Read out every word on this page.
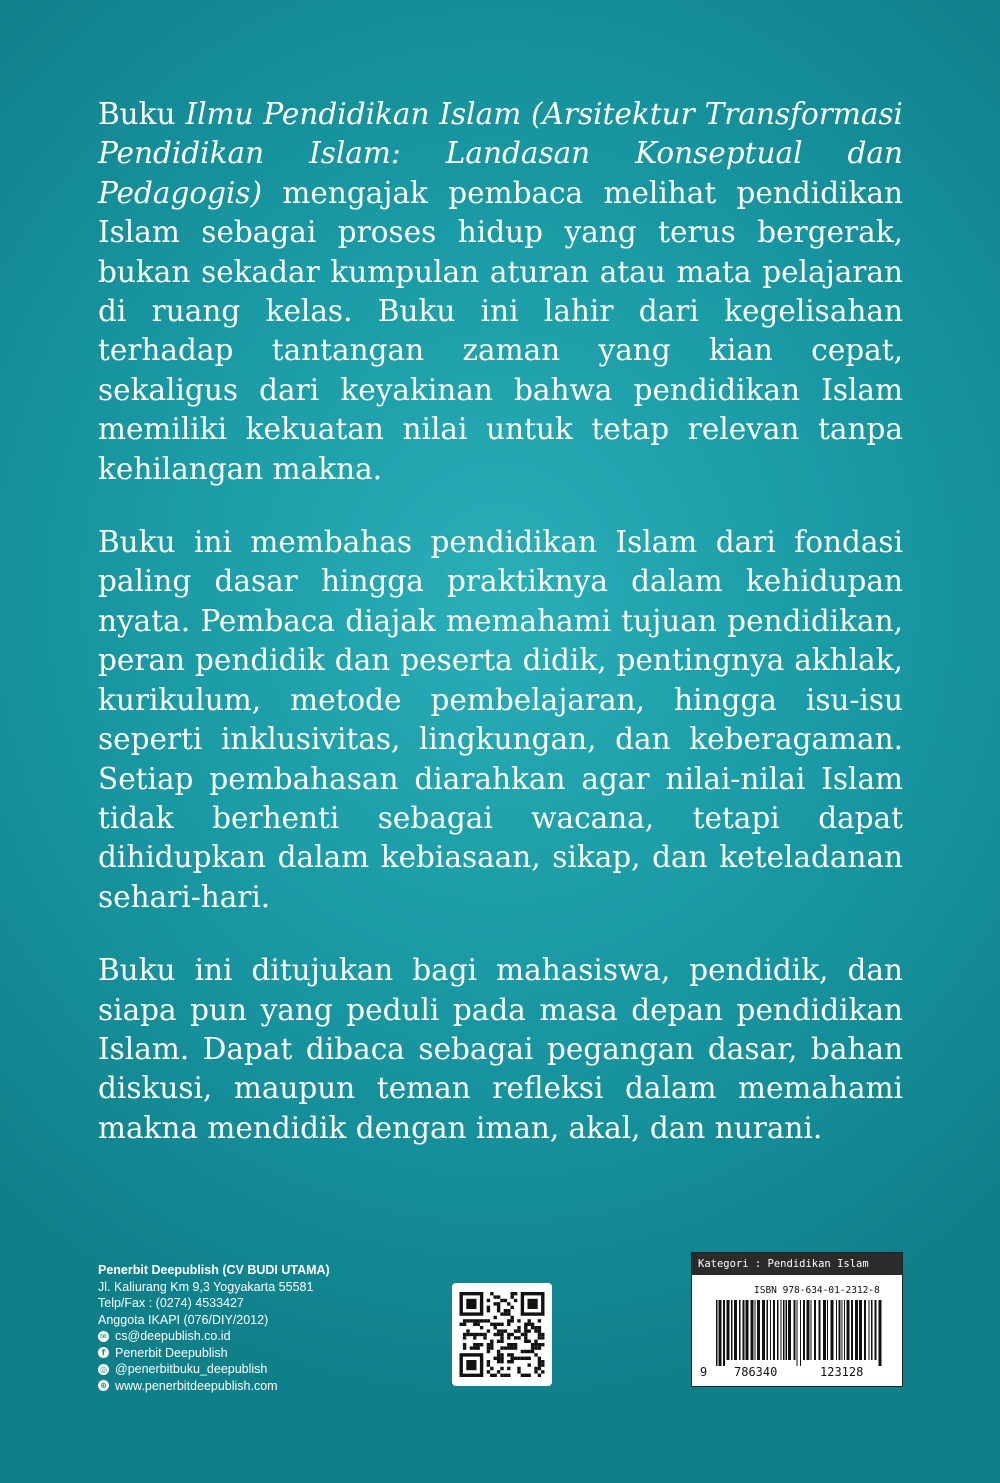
Buku Ilmu Pendidikan Islam (Arsitektur Transformasi Pendidikan Islam: Landasan Konseptual dan Pedagogis) mengajak pembaca melihat pendidikan Islam sebagai proses hidup yang terus bergerak, bukan sekadar kumpulan aturan atau mata pelajaran di ruang kelas. Buku ini lahir dari kegelisahan terhadap tantangan zaman yang kian cepat, sekaligus dari keyakinan bahwa pendidikan Islam memiliki kekuatan nilai untuk tetap relevan tanpa kehilangan makna.

Buku ini membahas pendidikan Islam dari fondasi paling dasar hingga praktiknya dalam kehidupan nyata. Pembaca diajak memahami tujuan pendidikan, peran pendidik dan peserta didik, pentingnya akhlak, kurikulum, metode pembelajaran, hingga isu-isu seperti inklusivitas, lingkungan, dan keberagaman. Setiap pembahasan diarahkan agar nilai-nilai Islam tidak berhenti sebagai wacana, tetapi dapat dihidupkan dalam kebiasaan, sikap, dan keteladanan sehari-hari.

Buku ini ditujukan bagi mahasiswa, pendidik, dan siapa pun yang peduli pada masa depan pendidikan Islam. Dapat dibaca sebagai pegangan dasar, bahan diskusi, maupun teman refleksi dalam memahami makna mendidik dengan iman, akal, dan nurani.

Penerbit Deepublish (CV BUDI UTAMA)
Jl. Kaliurang Km 9,3 Yogyakarta 55581
Telp/Fax : (0274) 4533427
Anggota IKAPI (076/DIY/2012)
✉ cs@deepublish.co.id
f Penerbit Deepublish
◎ @penerbitbuku_deepublish
⊕ www.penerbitdeepublish.com
Kategori : Pendidikan Islam
ISBN 978-634-01-2312-8
9 786340	123128
